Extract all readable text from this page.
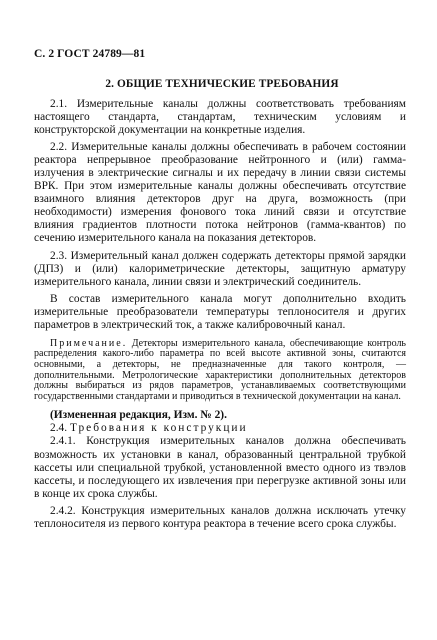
С. 2 ГОСТ 24789—81
2. ОБЩИЕ ТЕХНИЧЕСКИЕ ТРЕБОВАНИЯ

2.1. Измерительные каналы должны соответствовать требованиям настоящего стандарта, стандартам, техническим условиям и конструкторской документации на конкретные изделия.

2.2. Измерительные каналы должны обеспечивать в рабочем состоянии реактора непрерывное преобразование нейтронного и (или) гамма-излучения в электрические сигналы и их передачу в линии связи системы ВРК. При этом измерительные каналы должны обеспечивать отсутствие взаимного влияния детекторов друг на друга, возможность (при необходимости) измерения фонового тока линий связи и отсутствие влияния градиентов плотности потока нейтронов (гамма-квантов) по сечению измерительного канала на показания детекторов.

2.3. Измерительный канал должен содержать детекторы прямой зарядки (ДПЗ) и (или) калориметрические детекторы, защитную арматуру измерительного канала, линии связи и электрический соединитель.

В состав измерительного канала могут дополнительно входить измерительные преобразователи температуры теплоносителя и других параметров в электрический ток, а также калибровочный канал.

Примечание. Детекторы измерительного канала, обеспечивающие контроль распределения какого-либо параметра по всей высоте активной зоны, считаются основными, а детекторы, не предназначенные для такого контроля, — дополнительными. Метрологические характеристики дополнительных детекторов должны выбираться из рядов параметров, устанавливаемых соответствующими государственными стандартами и приводиться в технической документации на канал.

(Измененная редакция, Изм. № 2).

2.4. Требования к конструкции

2.4.1. Конструкция измерительных каналов должна обеспечивать возможность их установки в канал, образованный центральной трубкой кассеты или специальной трубкой, установленной вместо одного из твэлов кассеты, и последующего их извлечения при перегрузке активной зоны или в конце их срока службы.

2.4.2. Конструкция измерительных каналов должна исключать утечку теплоносителя из первого контура реактора в течение всего срока службы.
